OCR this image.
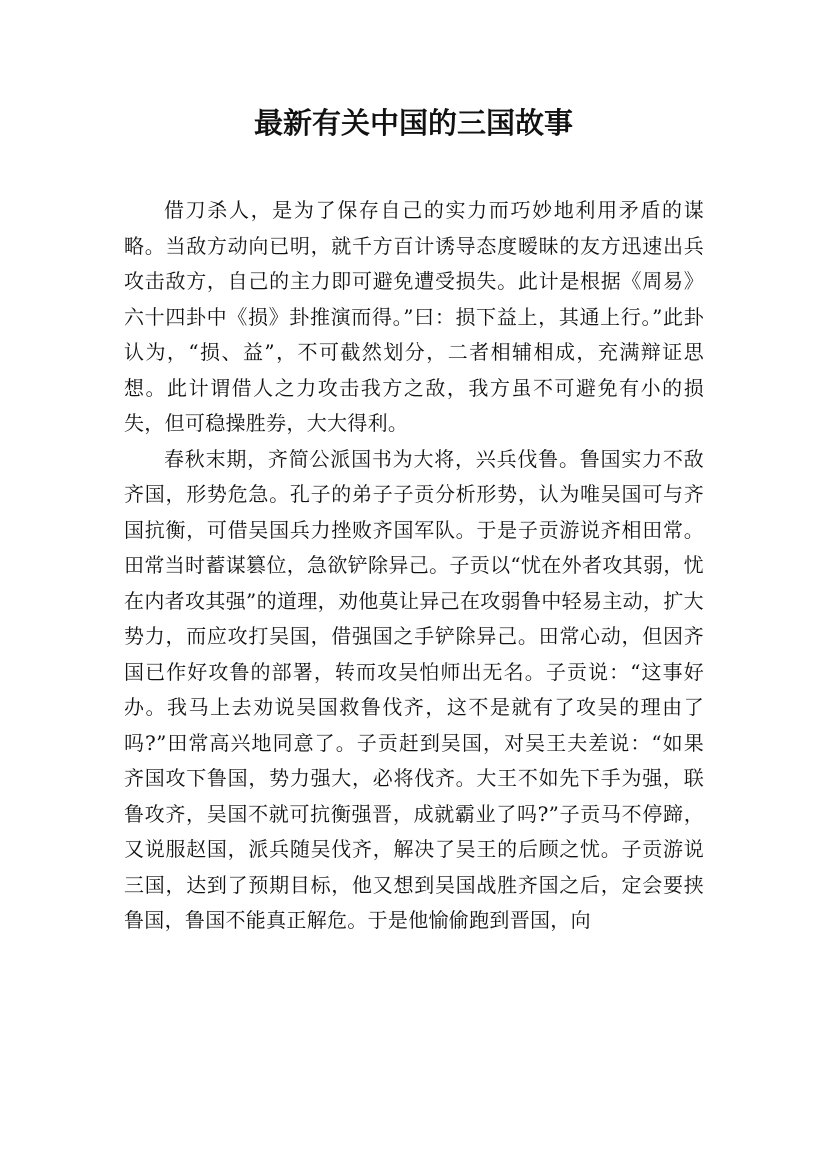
最新有关中国的三国故事

借刀杀人，是为了保存自己的实力而巧妙地利用矛盾的谋略。当敌方动向已明，就千方百计诱导态度暧昧的友方迅速出兵攻击敌方，自己的主力即可避免遭受损失。此计是根据《周易》六十四卦中《损》卦推演而得。”曰：损下益上，其通上行。”此卦认为，“损、益”，不可截然划分，二者相辅相成，充满辩证思想。此计谓借人之力攻击我方之敌，我方虽不可避免有小的损失，但可稳操胜券，大大得利。

春秋末期，齐简公派国书为大将，兴兵伐鲁。鲁国实力不敌齐国，形势危急。孔子的弟子子贡分析形势，认为唯吴国可与齐国抗衡，可借吴国兵力挫败齐国军队。于是子贡游说齐相田常。田常当时蓄谋篡位，急欲铲除异己。子贡以“忧在外者攻其弱，忧在内者攻其强”的道理，劝他莫让异己在攻弱鲁中轻易主动，扩大势力，而应攻打吴国，借强国之手铲除异己。田常心动，但因齐国已作好攻鲁的部署，转而攻吴怕师出无名。子贡说：“这事好办。我马上去劝说吴国救鲁伐齐，这不是就有了攻吴的理由了吗?”田常高兴地同意了。子贡赶到吴国，对吴王夫差说：“如果齐国攻下鲁国，势力强大，必将伐齐。大王不如先下手为强，联鲁攻齐，吴国不就可抗衡强晋，成就霸业了吗?”子贡马不停蹄，又说服赵国，派兵随吴伐齐，解决了吴王的后顾之忧。子贡游说三国，达到了预期目标，他又想到吴国战胜齐国之后，定会要挟鲁国，鲁国不能真正解危。于是他愉偷跑到晋国，向
